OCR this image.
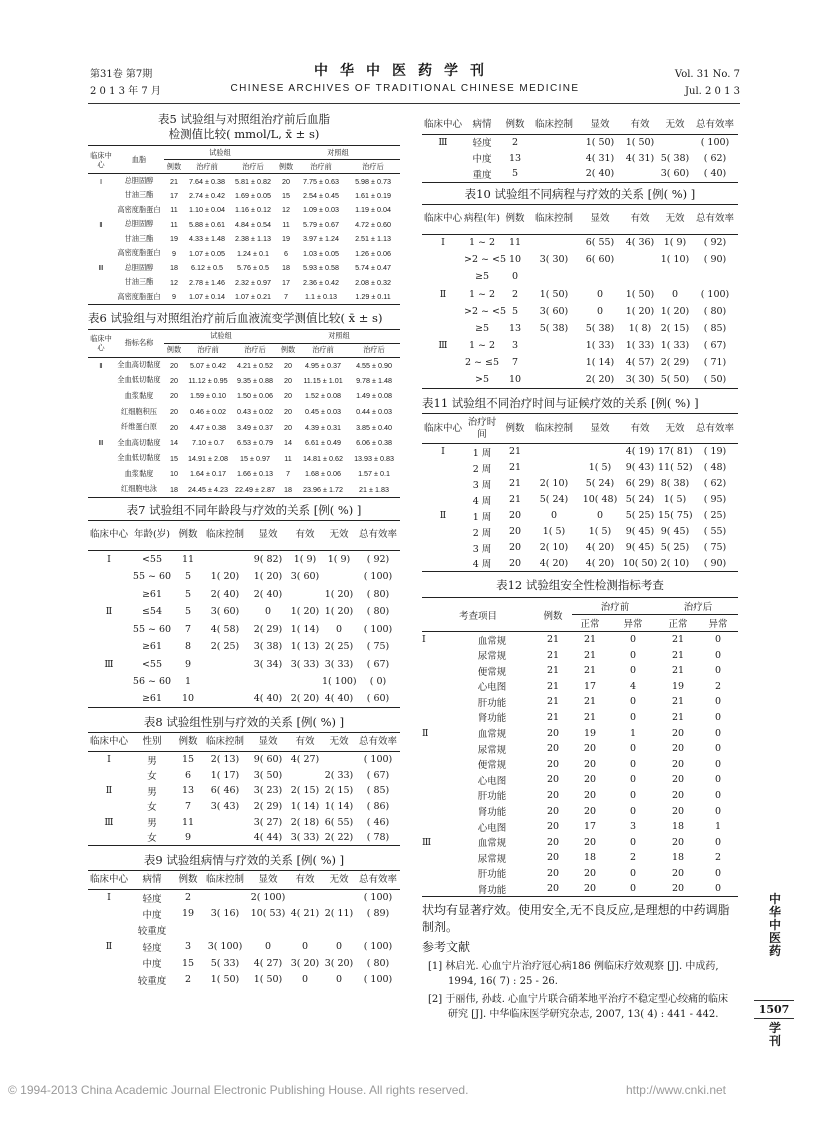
第31卷 第7期
2 0 1 3 年 7 月
中华中医药学刊
CHINESE ARCHIVES OF TRADITIONAL CHINESE MEDICINE
Vol. 31 No. 7
Jul. 2 0 1 3
表5 试验组与对照组治疗前后血脂
检测值比较( mmol/L, x̄ ± s)
临床中心	血脂	试验组			对照组		
		例数	治疗前	治疗后	例数	治疗前	治疗后
Ⅰ	总胆固醇	21	7.64 ± 0.38	5.81 ± 0.82	20	7.75 ± 0.63	5.98 ± 0.73
	甘油三酯	17	2.74 ± 0.42	1.69 ± 0.05	15	2.54 ± 0.45	1.61 ± 0.19
	高密度脂蛋白	11	1.10 ± 0.04	1.16 ± 0.12	12	1.09 ± 0.03	1.19 ± 0.04
Ⅱ	总胆固醇	11	5.88 ± 0.61	4.84 ± 0.54	11	5.79 ± 0.67	4.72 ± 0.60
	甘油三酯	19	4.33 ± 1.48	2.38 ± 1.13	19	3.97 ± 1.24	2.51 ± 1.13
	高密度脂蛋白	9	1.07 ± 0.05	1.24 ± 0.1	6	1.03 ± 0.05	1.26 ± 0.06
Ⅲ	总胆固醇	18	6.12 ± 0.5	5.76 ± 0.5	18	5.93 ± 0.58	5.74 ± 0.47
	甘油三酯	12	2.78 ± 1.46	2.32 ± 0.97	17	2.36 ± 0.42	2.08 ± 0.32
	高密度脂蛋白	9	1.07 ± 0.14	1.07 ± 0.21	7	1.1 ± 0.13	1.29 ± 0.11
表6 试验组与对照组治疗前后血液流变学测值比较( x̄ ± s)
临床中心	指标名称	试验组			对照组		
		例数	治疗前	治疗后	例数	治疗前	治疗后
Ⅱ	全血高切黏度	20	5.07 ± 0.42	4.21 ± 0.52	20	4.95 ± 0.37	4.55 ± 0.90
	全血低切黏度	20	11.12 ± 0.95	9.35 ± 0.88	20	11.15 ± 1.01	9.78 ± 1.48
	血浆黏度	20	1.59 ± 0.10	1.50 ± 0.06	20	1.52 ± 0.08	1.49 ± 0.08
	红细胞积压	20	0.46 ± 0.02	0.43 ± 0.02	20	0.45 ± 0.03	0.44 ± 0.03
	纤维蛋白原	20	4.47 ± 0.38	3.49 ± 0.37	20	4.39 ± 0.31	3.85 ± 0.40
Ⅲ	全血高切黏度	14	7.10 ± 0.7	6.53 ± 0.79	14	6.61 ± 0.49	6.06 ± 0.38
	全血低切黏度	15	14.91 ± 2.08	15 ± 0.97	11	14.81 ± 0.62	13.93 ± 0.83
	血浆黏度	10	1.64 ± 0.17	1.66 ± 0.13	7	1.68 ± 0.06	1.57 ± 0.1
	红细胞电泳	18	24.45 ± 4.23	22.49 ± 2.87	18	23.96 ± 1.72	21 ± 1.83
表7 试验组不同年龄段与疗效的关系 [例( %) ]
临床中心	年龄(岁)	例数	临床控制	显效	有效	无效	总有效率
Ⅰ	<55	11		9( 82)	1( 9)	1( 9)	( 92)
	55 ~ 60	5	1( 20)	1( 20)	3( 60)		( 100)
	≥61	5	2( 40)	2( 40)		1( 20)	( 80)
Ⅱ	≤54	5	3( 60)	0	1( 20)	1( 20)	( 80)
	55 ~ 60	7	4( 58)	2( 29)	1( 14)	0	( 100)
	≥61	8	2( 25)	3( 38)	1( 13)	2( 25)	( 75)
Ⅲ	<55	9		3( 34)	3( 33)	3( 33)	( 67)
	56 ~ 60	1				1( 100)	( 0)
	≥61	10		4( 40)	2( 20)	4( 40)	( 60)
表8 试验组性别与疗效的关系 [例( %) ]
临床中心	性别	例数	临床控制	显效	有效	无效	总有效率
Ⅰ	男	15	2( 13)	9( 60)	4( 27)		( 100)
	女	6	1( 17)	3( 50)		2( 33)	( 67)
Ⅱ	男	13	6( 46)	3( 23)	2( 15)	2( 15)	( 85)
	女	7	3( 43)	2( 29)	1( 14)	1( 14)	( 86)
Ⅲ	男	11		3( 27)	2( 18)	6( 55)	( 46)
	女	9		4( 44)	3( 33)	2( 22)	( 78)
表9 试验组病情与疗效的关系 [例( %) ]
临床中心	病情	例数	临床控制	显效	有效	无效	总有效率
Ⅰ	轻度	2		2( 100)			( 100)
	中度	19	3( 16)	10( 53)	4( 21)	2( 11)	( 89)
	较重度						
Ⅱ	轻度	3	3( 100)	0	0	0	( 100)
	中度	15	5( 33)	4( 27)	3( 20)	3( 20)	( 80)
	较重度	2	1( 50)	1( 50)	0	0	( 100)
临床中心	病情	例数	临床控制	显效	有效	无效	总有效率
Ⅲ	轻度	2		1( 50)	1( 50)		( 100)
	中度	13		4( 31)	4( 31)	5( 38)	( 62)
	重度	5		2( 40)		3( 60)	( 40)
表10 试验组不同病程与疗效的关系 [例( %) ]
临床中心	病程(年)	例数	临床控制	显效	有效	无效	总有效率
Ⅰ	1 ~ 2	11		6( 55)	4( 36)	1( 9)	( 92)
	>2 ~ <5	10	3( 30)	6( 60)		1( 10)	( 90)
	≥5	0					
Ⅱ	1 ~ 2	2	1( 50)	0	1( 50)	0	( 100)
	>2 ~ <5	5	3( 60)	0	1( 20)	1( 20)	( 80)
	≥5	13	5( 38)	5( 38)	1( 8)	2( 15)	( 85)
Ⅲ	1 ~ 2	3		1( 33)	1( 33)	1( 33)	( 67)
	2 ~ ≤5	7		1( 14)	4( 57)	2( 29)	( 71)
	>5	10		2( 20)	3( 30)	5( 50)	( 50)
表11 试验组不同治疗时间与证候疗效的关系 [例( %) ]
临床中心	治疗时间	例数	临床控制	显效	有效	无效	总有效率
Ⅰ	1 周	21			4( 19)	17( 81)	( 19)
	2 周	21		1( 5)	9( 43)	11( 52)	( 48)
	3 周	21	2( 10)	5( 24)	6( 29)	8( 38)	( 62)
	4 周	21	5( 24)	10( 48)	5( 24)	1( 5)	( 95)
Ⅱ	1 周	20	0	0	5( 25)	15( 75)	( 25)
	2 周	20	1( 5)	1( 5)	9( 45)	9( 45)	( 55)
	3 周	20	2( 10)	4( 20)	9( 45)	5( 25)	( 75)
	4 周	20	4( 20)	4( 20)	10( 50)	2( 10)	( 90)
表12 试验组安全性检测指标考查
考查项目		例数	治疗前		治疗后	
			正常	异常	正常	异常
Ⅰ	血常规	21	21	0	21	0
	尿常规	21	21	0	21	0
	便常规	21	21	0	21	0
	心电图	21	17	4	19	2
	肝功能	21	21	0	21	0
	肾功能	21	21	0	21	0
Ⅱ	血常规	20	19	1	20	0
	尿常规	20	20	0	20	0
	便常规	20	20	0	20	0
	心电图	20	20	0	20	0
	肝功能	20	20	0	20	0
	肾功能	20	20	0	20	0
	心电图	20	17	3	18	1
Ⅲ	血常规	20	20	0	20	0
	尿常规	20	18	2	18	2
	肝功能	20	20	0	20	0
	肾功能	20	20	0	20	0
状均有显著疗效。使用安全,无不良反应,是理想的中药调脂制剂。
参考文献
[1] 林启光. 心血宁片治疗冠心病186 例临床疗效观察 [J]. 中成药, 1994, 16( 7) : 25 - 26.
[2] 于丽伟, 孙歧. 心血宁片联合硝苯地平治疗不稳定型心绞痛的临床研究 [J]. 中华临床医学研究杂志, 2007, 13( 4) : 441 - 442.
中华中医药
1507
学刊
© 1994-2013 China Academic Journal Electronic Publishing House. All rights reserved.	http://www.cnki.net
